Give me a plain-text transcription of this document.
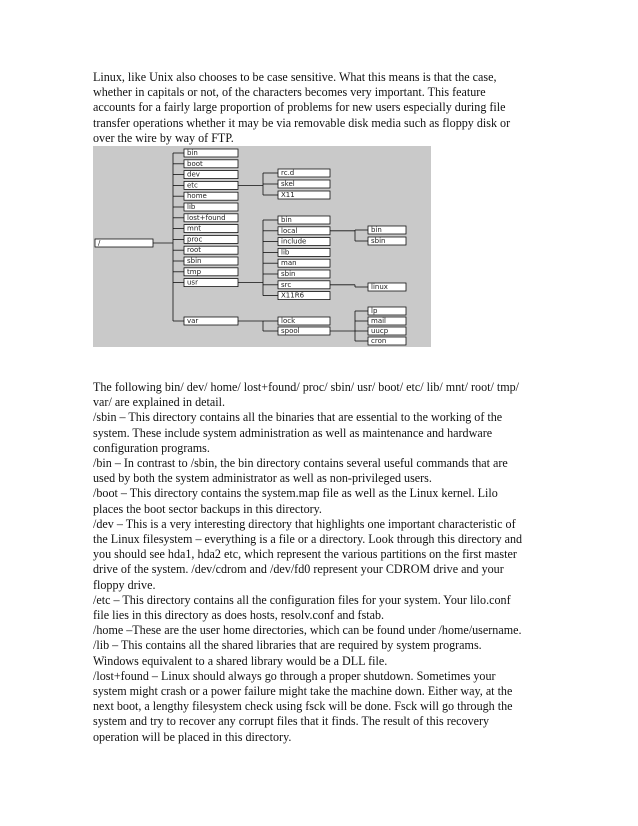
Linux, like Unix also chooses to be case sensitive. What this means is that the case,
whether in capitals or not, of the characters becomes very important. This feature
accounts for a fairly large proportion of problems for new users especially during file
transfer operations whether it may be via removable disk media such as floppy disk or
over the wire by way of FTP.

/
bin
boot
dev
etc
home
lib
lost+found
mnt
proc
root
sbin
tmp
usr
var
rc.d
skel
X11
bin
local
include
lib
man
sbin
src
X11R6
bin
sbin
linux
lock
spool
lp
mail
uucp
cron

The following bin/ dev/ home/ lost+found/ proc/ sbin/ usr/ boot/ etc/ lib/ mnt/ root/ tmp/
var/ are explained in detail.
/sbin – This directory contains all the binaries that are essential to the working of the
system. These include system administration as well as maintenance and hardware
configuration programs.
/bin – In contrast to /sbin, the bin directory contains several useful commands that are
used by both the system administrator as well as non-privileged users.
/boot – This directory contains the system.map file as well as the Linux kernel. Lilo
places the boot sector backups in this directory.
/dev – This is a very interesting directory that highlights one important characteristic of
the Linux filesystem – everything is a file or a directory. Look through this directory and
you should see hda1, hda2 etc, which represent the various partitions on the first master
drive of the system. /dev/cdrom and /dev/fd0 represent your CDROM drive and your
floppy drive.
/etc – This directory contains all the configuration files for your system. Your lilo.conf
file lies in this directory as does hosts, resolv.conf and fstab.
/home –These are the user home directories, which can be found under /home/username.
/lib – This contains all the shared libraries that are required by system programs.
Windows equivalent to a shared library would be a DLL file.
/lost+found – Linux should always go through a proper shutdown. Sometimes your
system might crash or a power failure might take the machine down. Either way, at the
next boot, a lengthy filesystem check using fsck will be done. Fsck will go through the
system and try to recover any corrupt files that it finds. The result of this recovery
operation will be placed in this directory.
